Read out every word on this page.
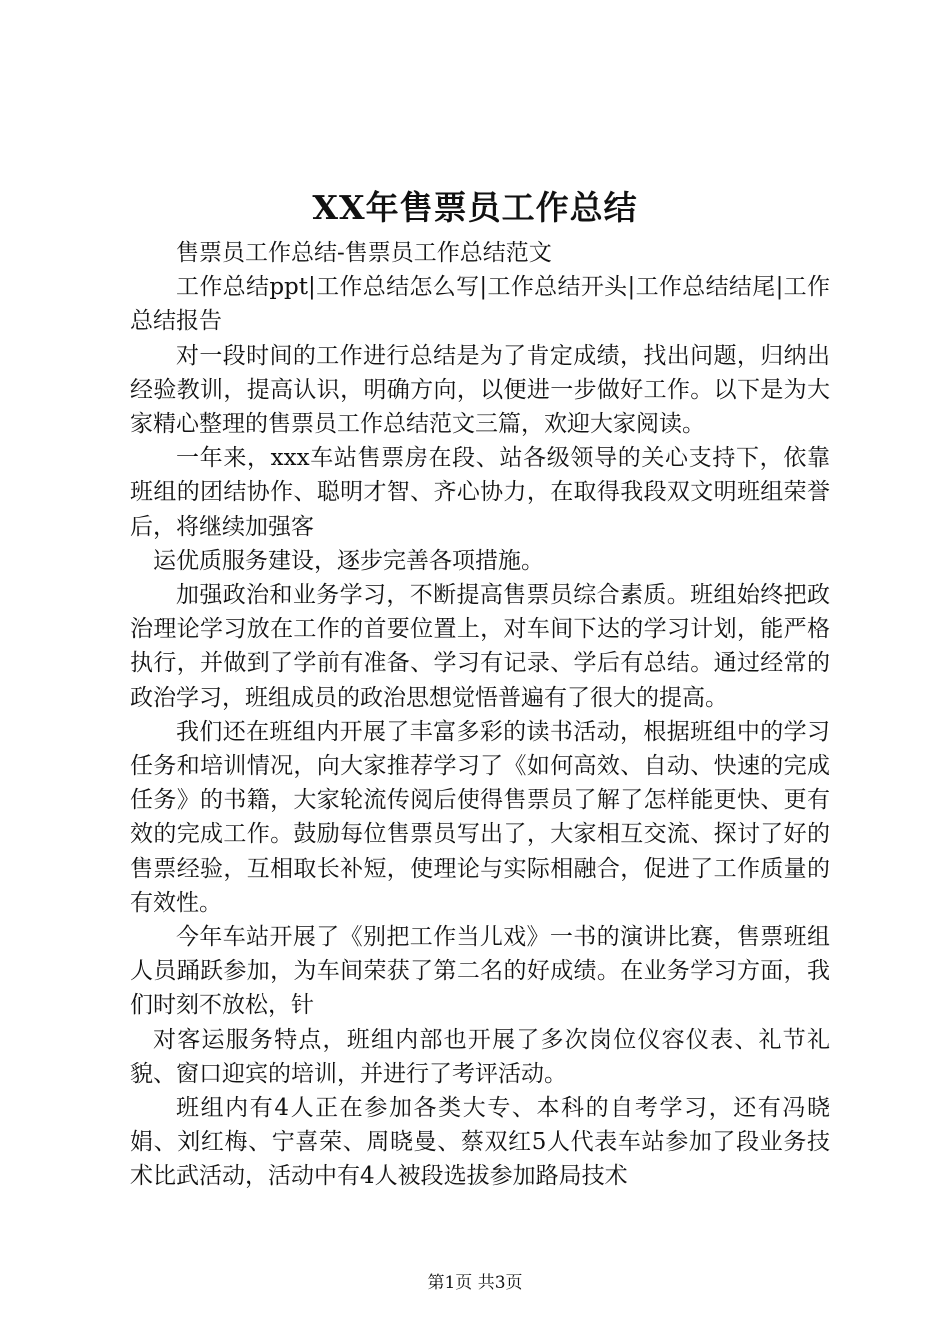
XX年售票员工作总结

售票员工作总结-售票员工作总结范文

工作总结ppt|工作总结怎么写|工作总结开头|工作总结结尾|工作总结报告

对一段时间的工作进行总结是为了肯定成绩，找出问题，归纳出经验教训，提高认识，明确方向，以便进一步做好工作。以下是为大家精心整理的售票员工作总结范文三篇，欢迎大家阅读。

一年来，xxx车站售票房在段、站各级领导的关心支持下，依靠班组的团结协作、聪明才智、齐心协力，在取得我段双文明班组荣誉后，将继续加强客

运优质服务建设，逐步完善各项措施。

加强政治和业务学习，不断提高售票员综合素质。班组始终把政治理论学习放在工作的首要位置上，对车间下达的学习计划，能严格执行，并做到了学前有准备、学习有记录、学后有总结。通过经常的政治学习，班组成员的政治思想觉悟普遍有了很大的提高。

我们还在班组内开展了丰富多彩的读书活动，根据班组中的学习任务和培训情况，向大家推荐学习了《如何高效、自动、快速的完成任务》的书籍，大家轮流传阅后使得售票员了解了怎样能更快、更有效的完成工作。鼓励每位售票员写出了，大家相互交流、探讨了好的售票经验，互相取长补短，使理论与实际相融合，促进了工作质量的有效性。

今年车站开展了《别把工作当儿戏》一书的演讲比赛，售票班组人员踊跃参加，为车间荣获了第二名的好成绩。在业务学习方面，我们时刻不放松，针

对客运服务特点，班组内部也开展了多次岗位仪容仪表、礼节礼貌、窗口迎宾的培训，并进行了考评活动。

班组内有4人正在参加各类大专、本科的自考学习，还有冯晓娟、刘红梅、宁喜荣、周晓曼、蔡双红5人代表车站参加了段业务技术比武活动，活动中有4人被段选拔参加路局技术

第1页 共3页
